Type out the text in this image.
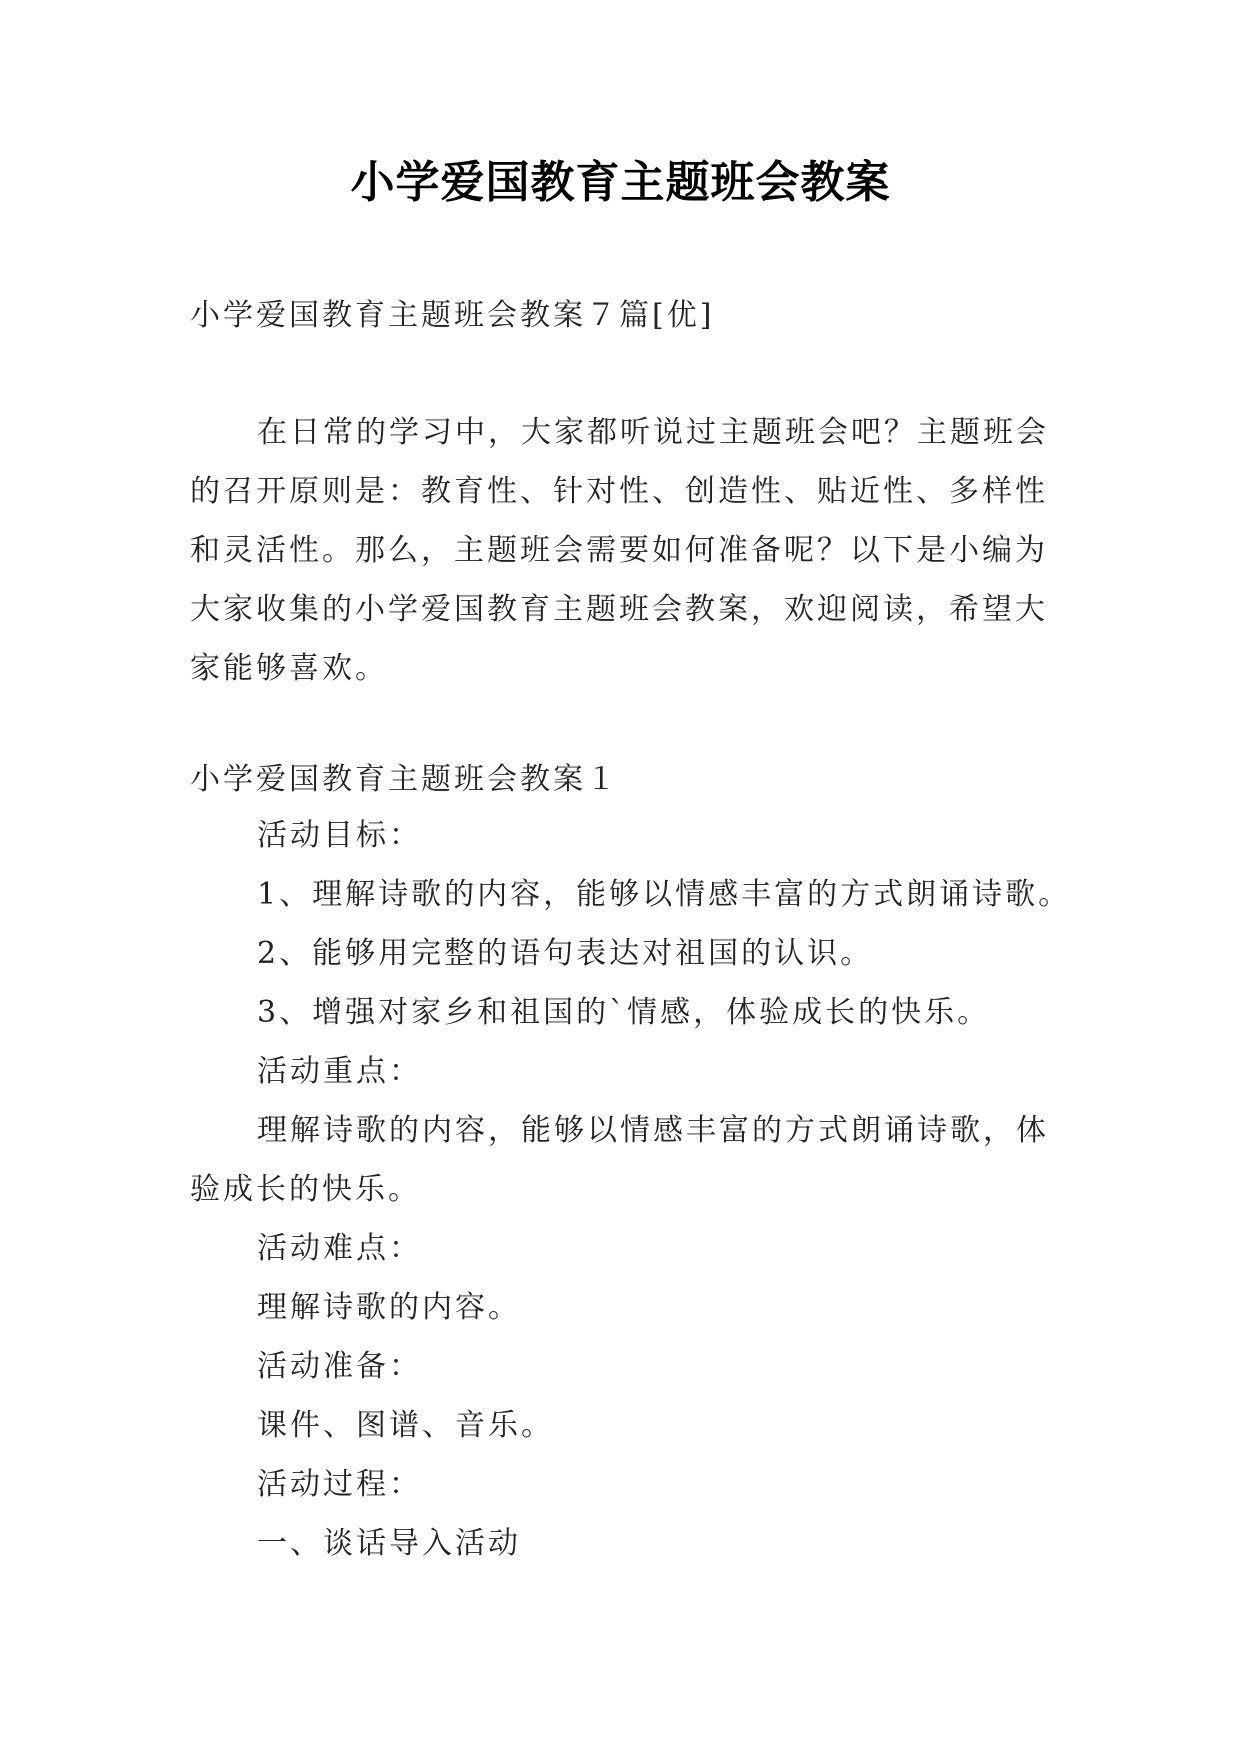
小学爱国教育主题班会教案
小学爱国教育主题班会教案７篇[优]
在日常的学习中，大家都听说过主题班会吧？主题班会的召开原则是：教育性、针对性、创造性、贴近性、多样性和灵活性。那么，主题班会需要如何准备呢？以下是小编为大家收集的小学爱国教育主题班会教案，欢迎阅读，希望大家能够喜欢。
小学爱国教育主题班会教案１
活动目标：
1、理解诗歌的内容，能够以情感丰富的方式朗诵诗歌。
2、能够用完整的语句表达对祖国的认识。
3、增强对家乡和祖国的`情感，体验成长的快乐。
活动重点：
理解诗歌的内容，能够以情感丰富的方式朗诵诗歌，体验成长的快乐。
活动难点：
理解诗歌的内容。
活动准备：
课件、图谱、音乐。
活动过程：
一、谈话导入活动
